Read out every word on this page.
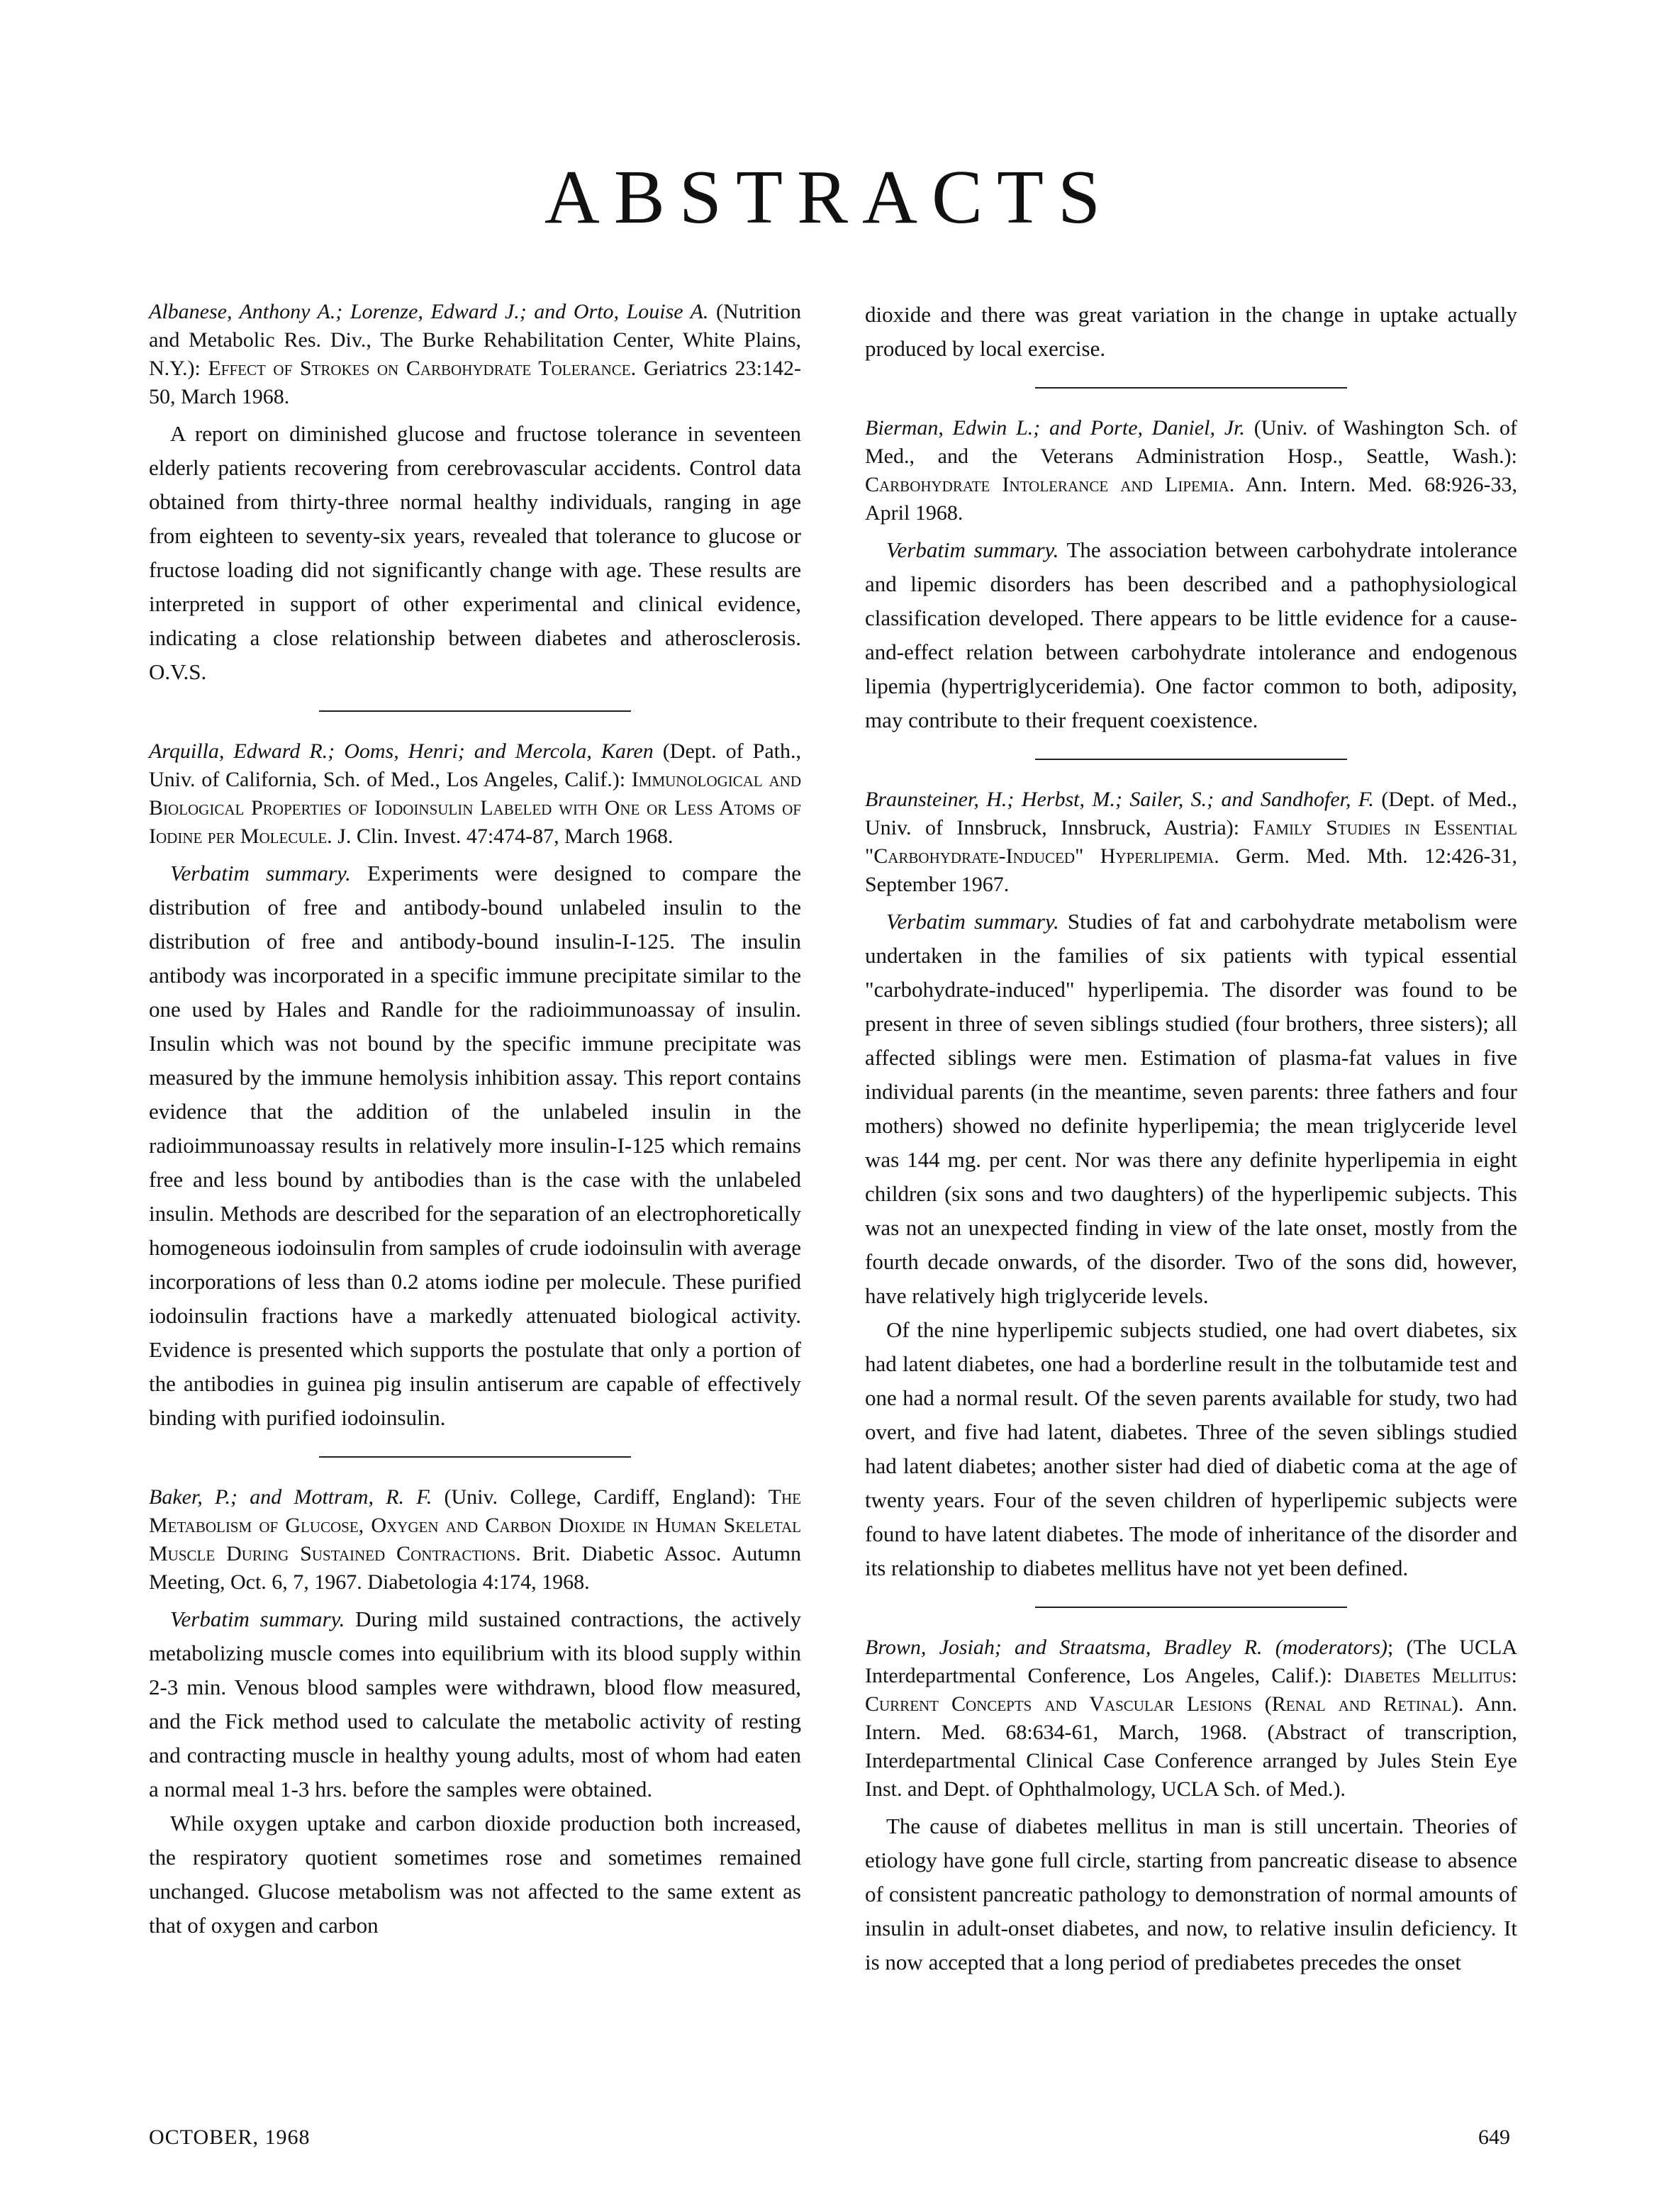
ABSTRACTS

Albanese, Anthony A.; Lorenze, Edward J.; and Orto, Louise A. (Nutrition and Metabolic Res. Div., The Burke Rehabilitation Center, White Plains, N.Y.): Effect of Strokes on Carbohydrate Tolerance. Geriatrics 23:142-50, March 1968.

A report on diminished glucose and fructose tolerance in seventeen elderly patients recovering from cerebrovascular accidents. Control data obtained from thirty-three normal healthy individuals, ranging in age from eighteen to seventy-six years, revealed that tolerance to glucose or fructose loading did not significantly change with age. These results are interpreted in support of other experimental and clinical evidence, indicating a close relationship between diabetes and atherosclerosis. O.V.S.

Arquilla, Edward R.; Ooms, Henri; and Mercola, Karen (Dept. of Path., Univ. of California, Sch. of Med., Los Angeles, Calif.): Immunological and Biological Properties of Iodoinsulin Labeled with One or Less Atoms of Iodine per Molecule. J. Clin. Invest. 47:474-87, March 1968.

Verbatim summary. Experiments were designed to compare the distribution of free and antibody-bound unlabeled insulin to the distribution of free and antibody-bound insulin-I-125. The insulin antibody was incorporated in a specific immune precipitate similar to the one used by Hales and Randle for the radioimmunoassay of insulin. Insulin which was not bound by the specific immune precipitate was measured by the immune hemolysis inhibition assay. This report contains evidence that the addition of the unlabeled insulin in the radioimmunoassay results in relatively more insulin-I-125 which remains free and less bound by antibodies than is the case with the unlabeled insulin. Methods are described for the separation of an electrophoretically homogeneous iodoinsulin from samples of crude iodoinsulin with average incorporations of less than 0.2 atoms iodine per molecule. These purified iodoinsulin fractions have a markedly attenuated biological activity. Evidence is presented which supports the postulate that only a portion of the antibodies in guinea pig insulin antiserum are capable of effectively binding with purified iodoinsulin.

Baker, P.; and Mottram, R. F. (Univ. College, Cardiff, England): The Metabolism of Glucose, Oxygen and Carbon Dioxide in Human Skeletal Muscle During Sustained Contractions. Brit. Diabetic Assoc. Autumn Meeting, Oct. 6, 7, 1967. Diabetologia 4:174, 1968.

Verbatim summary. During mild sustained contractions, the actively metabolizing muscle comes into equilibrium with its blood supply within 2-3 min. Venous blood samples were withdrawn, blood flow measured, and the Fick method used to calculate the metabolic activity of resting and contracting muscle in healthy young adults, most of whom had eaten a normal meal 1-3 hrs. before the samples were obtained.

While oxygen uptake and carbon dioxide production both increased, the respiratory quotient sometimes rose and sometimes remained unchanged. Glucose metabolism was not affected to the same extent as that of oxygen and carbon

dioxide and there was great variation in the change in uptake actually produced by local exercise.

Bierman, Edwin L.; and Porte, Daniel, Jr. (Univ. of Washington Sch. of Med., and the Veterans Administration Hosp., Seattle, Wash.): Carbohydrate Intolerance and Lipemia. Ann. Intern. Med. 68:926-33, April 1968.

Verbatim summary. The association between carbohydrate intolerance and lipemic disorders has been described and a pathophysiological classification developed. There appears to be little evidence for a cause-and-effect relation between carbohydrate intolerance and endogenous lipemia (hypertriglyceridemia). One factor common to both, adiposity, may contribute to their frequent coexistence.

Braunsteiner, H.; Herbst, M.; Sailer, S.; and Sandhofer, F. (Dept. of Med., Univ. of Innsbruck, Innsbruck, Austria): Family Studies in Essential "Carbohydrate-Induced" Hyperlipemia. Germ. Med. Mth. 12:426-31, September 1967.

Verbatim summary. Studies of fat and carbohydrate metabolism were undertaken in the families of six patients with typical essential "carbohydrate-induced" hyperlipemia. The disorder was found to be present in three of seven siblings studied (four brothers, three sisters); all affected siblings were men. Estimation of plasma-fat values in five individual parents (in the meantime, seven parents: three fathers and four mothers) showed no definite hyperlipemia; the mean triglyceride level was 144 mg. per cent. Nor was there any definite hyperlipemia in eight children (six sons and two daughters) of the hyperlipemic subjects. This was not an unexpected finding in view of the late onset, mostly from the fourth decade onwards, of the disorder. Two of the sons did, however, have relatively high triglyceride levels.

Of the nine hyperlipemic subjects studied, one had overt diabetes, six had latent diabetes, one had a borderline result in the tolbutamide test and one had a normal result. Of the seven parents available for study, two had overt, and five had latent, diabetes. Three of the seven siblings studied had latent diabetes; another sister had died of diabetic coma at the age of twenty years. Four of the seven children of hyperlipemic subjects were found to have latent diabetes. The mode of inheritance of the disorder and its relationship to diabetes mellitus have not yet been defined.

Brown, Josiah; and Straatsma, Bradley R. (moderators); (The UCLA Interdepartmental Conference, Los Angeles, Calif.): Diabetes Mellitus: Current Concepts and Vascular Lesions (Renal and Retinal). Ann. Intern. Med. 68:634-61, March, 1968. (Abstract of transcription, Interdepartmental Clinical Case Conference arranged by Jules Stein Eye Inst. and Dept. of Ophthalmology, UCLA Sch. of Med.).

The cause of diabetes mellitus in man is still uncertain. Theories of etiology have gone full circle, starting from pancreatic disease to absence of consistent pancreatic pathology to demonstration of normal amounts of insulin in adult-onset diabetes, and now, to relative insulin deficiency. It is now accepted that a long period of prediabetes precedes the onset

OCTOBER, 1968	649
